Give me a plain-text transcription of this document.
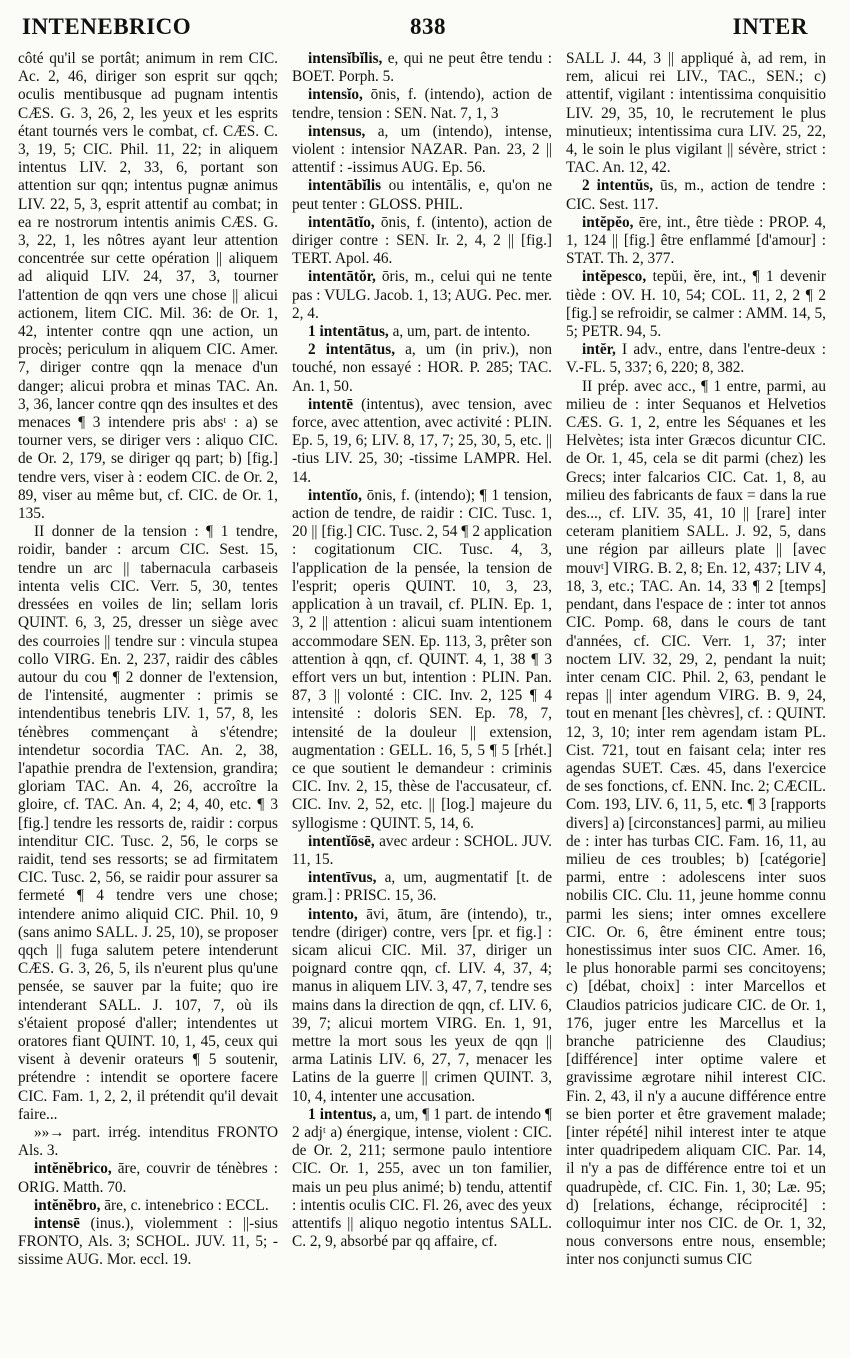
INTENEBRICO	838	INTER

côté qu'il se portât; animum in rem CIC. Ac. 2, 46, diriger son esprit sur qqch; oculis mentibusque ad pugnam intentis CÆS. G. 3, 26, 2, les yeux et les esprits étant tournés vers le combat, cf. CÆS. C. 3, 19, 5; CIC. Phil. 11, 22; in aliquem intentus LIV. 2, 33, 6, portant son attention sur qqn; intentus pugnæ animus LIV. 22, 5, 3, esprit attentif au combat; in ea re nostrorum intentis animis CÆS. G. 3, 22, 1, les nôtres ayant leur attention concentrée sur cette opération || aliquem ad aliquid LIV. 24, 37, 3, tourner l'attention de qqn vers une chose || alicui actionem, litem CIC. Mil. 36: de Or. 1, 42, intenter contre qqn une action, un procès; periculum in aliquem CIC. Amer. 7, diriger contre qqn la menace d'un danger; alicui probra et minas TAC. An. 3, 36, lancer contre qqn des insultes et des menaces ¶ 3 intendere pris absᵗ : a) se tourner vers, se diriger vers : aliquo CIC. de Or. 2, 179, se diriger qq part; b) [fig.] tendre vers, viser à : eodem CIC. de Or. 2, 89, viser au même but, cf. CIC. de Or. 1, 135.

II donner de la tension : ¶ 1 tendre, roidir, bander : arcum CIC. Sest. 15, tendre un arc || tabernacula carbaseis intenta velis CIC. Verr. 5, 30, tentes dressées en voiles de lin; sellam loris QUINT. 6, 3, 25, dresser un siège avec des courroies || tendre sur : vincula stupea collo VIRG. En. 2, 237, raidir des câbles autour du cou ¶ 2 donner de l'extension, de l'intensité, augmenter : primis se intendentibus tenebris LIV. 1, 57, 8, les ténèbres commençant à s'étendre; intendetur socordia TAC. An. 2, 38, l'apathie prendra de l'extension, grandira; gloriam TAC. An. 4, 26, accroître la gloire, cf. TAC. An. 4, 2; 4, 40, etc. ¶ 3 [fig.] tendre les ressorts de, raidir : corpus intenditur CIC. Tusc. 2, 56, le corps se raidit, tend ses ressorts; se ad firmitatem CIC. Tusc. 2, 56, se raidir pour assurer sa fermeté ¶ 4 tendre vers une chose; intendere animo aliquid CIC. Phil. 10, 9 (sans animo SALL. J. 25, 10), se proposer qqch || fuga salutem petere intenderunt CÆS. G. 3, 26, 5, ils n'eurent plus qu'une pensée, se sauver par la fuite; quo ire intenderant SALL. J. 107, 7, où ils s'étaient proposé d'aller; intendentes ut oratores fiant QUINT. 10, 1, 45, ceux qui visent à devenir orateurs ¶ 5 soutenir, prétendre : intendit se oportere facere CIC. Fam. 1, 2, 2, il prétendit qu'il devait faire...

»»→ part. irrég. intenditus FRONTO Als. 3.

intĕnĕbrico, āre, couvrir de ténèbres : ORIG. Matth. 70.

intĕnĕbro, āre, c. intenebrico : ECCL.

intensē (inus.), violemment : ||-sius FRONTO, Als. 3; SCHOL. JUV. 11, 5; -sissime AUG. Mor. eccl. 19.

intensĭbĭlis, e, qui ne peut être tendu : BOET. Porph. 5.

intensĭo, ōnis, f. (intendo), action de tendre, tension : SEN. Nat. 7, 1, 3

intensus, a, um (intendo), intense, violent : intensior NAZAR. Pan. 23, 2 || attentif : -issimus AUG. Ep. 56.

intentābĭlis ou intentālis, e, qu'on ne peut tenter : GLOSS. PHIL.

intentātĭo, ōnis, f. (intento), action de diriger contre : SEN. Ir. 2, 4, 2 || [fig.] TERT. Apol. 46.

intentātŏr, ōris, m., celui qui ne tente pas : VULG. Jacob. 1, 13; AUG. Pec. mer. 2, 4.

1 intentātus, a, um, part. de intento.

2 intentātus, a, um (in priv.), non touché, non essayé : HOR. P. 285; TAC. An. 1, 50.

intentē (intentus), avec tension, avec force, avec attention, avec activité : PLIN. Ep. 5, 19, 6; LIV. 8, 17, 7; 25, 30, 5, etc. || -tius LIV. 25, 30; -tissime LAMPR. Hel. 14.

intentĭo, ōnis, f. (intendo); ¶ 1 tension, action de tendre, de raidir : CIC. Tusc. 1, 20 || [fig.] CIC. Tusc. 2, 54 ¶ 2 application : cogitationum CIC. Tusc. 4, 3, l'application de la pensée, la tension de l'esprit; operis QUINT. 10, 3, 23, application à un travail, cf. PLIN. Ep. 1, 3, 2 || attention : alicui suam intentionem accommodare SEN. Ep. 113, 3, prêter son attention à qqn, cf. QUINT. 4, 1, 38 ¶ 3 effort vers un but, intention : PLIN. Pan. 87, 3 || volonté : CIC. Inv. 2, 125 ¶ 4 intensité : doloris SEN. Ep. 78, 7, intensité de la douleur || extension, augmentation : GELL. 16, 5, 5 ¶ 5 [rhét.] ce que soutient le demandeur : criminis CIC. Inv. 2, 15, thèse de l'accusateur, cf. CIC. Inv. 2, 52, etc. || [log.] majeure du syllogisme : QUINT. 5, 14, 6.

intentĭōsē, avec ardeur : SCHOL. JUV. 11, 15.

intentīvus, a, um, augmentatif [t. de gram.] : PRISC. 15, 36.

intento, āvi, ātum, āre (intendo), tr., tendre (diriger) contre, vers [pr. et fig.] : sicam alicui CIC. Mil. 37, diriger un poignard contre qqn, cf. LIV. 4, 37, 4; manus in aliquem LIV. 3, 47, 7, tendre ses mains dans la direction de qqn, cf. LIV. 6, 39, 7; alicui mortem VIRG. En. 1, 91, mettre la mort sous les yeux de qqn || arma Latinis LIV. 6, 27, 7, menacer les Latins de la guerre || crimen QUINT. 3, 10, 4, intenter une accusation.

1 intentus, a, um, ¶ 1 part. de intendo ¶ 2 adjᵗ a) énergique, intense, violent : CIC. de Or. 2, 211; sermone paulo intentiore CIC. Or. 1, 255, avec un ton familier, mais un peu plus animé; b) tendu, attentif : intentis oculis CIC. Fl. 26, avec des yeux attentifs || aliquo negotio intentus SALL. C. 2, 9, absorbé par qq affaire, cf.

SALL J. 44, 3 || appliqué à, ad rem, in rem, alicui rei LIV., TAC., SEN.; c) attentif, vigilant : intentissima conquisitio LIV. 29, 35, 10, le recrutement le plus minutieux; intentissima cura LIV. 25, 22, 4, le soin le plus vigilant || sévère, strict : TAC. An. 12, 42.

2 intentŭs, ūs, m., action de tendre : CIC. Sest. 117.

intĕpĕo, ēre, int., être tiède : PROP. 4, 1, 124 || [fig.] être enflammé [d'amour] : STAT. Th. 2, 377.

intĕpesco, tepŭi, ĕre, int., ¶ 1 devenir tiède : OV. H. 10, 54; COL. 11, 2, 2 ¶ 2 [fig.] se refroidir, se calmer : AMM. 14, 5, 5; PETR. 94, 5.

intĕr, I adv., entre, dans l'entre-deux : V.-FL. 5, 337; 6, 220; 8, 382.

II prép. avec acc., ¶ 1 entre, parmi, au milieu de : inter Sequanos et Helvetios CÆS. G. 1, 2, entre les Séquanes et les Helvètes; ista inter Græcos dicuntur CIC. de Or. 1, 45, cela se dit parmi (chez) les Grecs; inter falcarios CIC. Cat. 1, 8, au milieu des fabricants de faux = dans la rue des..., cf. LIV. 35, 41, 10 || [rare] inter ceteram planitiem SALL. J. 92, 5, dans une région par ailleurs plate || [avec mouvᵗ] VIRG. B. 2, 8; En. 12, 437; LIV 4, 18, 3, etc.; TAC. An. 14, 33 ¶ 2 [temps] pendant, dans l'espace de : inter tot annos CIC. Pomp. 68, dans le cours de tant d'années, cf. CIC. Verr. 1, 37; inter noctem LIV. 32, 29, 2, pendant la nuit; inter cenam CIC. Phil. 2, 63, pendant le repas || inter agendum VIRG. B. 9, 24, tout en menant [les chèvres], cf. : QUINT. 12, 3, 10; inter rem agendam istam PL. Cist. 721, tout en faisant cela; inter res agendas SUET. Cæs. 45, dans l'exercice de ses fonctions, cf. ENN. Inc. 2; CÆCIL. Com. 193, LIV. 6, 11, 5, etc. ¶ 3 [rapports divers] a) [circonstances] parmi, au milieu de : inter has turbas CIC. Fam. 16, 11, au milieu de ces troubles; b) [catégorie] parmi, entre : adolescens inter suos nobilis CIC. Clu. 11, jeune homme connu parmi les siens; inter omnes excellere CIC. Or. 6, être éminent entre tous; honestissimus inter suos CIC. Amer. 16, le plus honorable parmi ses concitoyens; c) [débat, choix] : inter Marcellos et Claudios patricios judicare CIC. de Or. 1, 176, juger entre les Marcellus et la branche patricienne des Claudius; [différence] inter optime valere et gravissime ægrotare nihil interest CIC. Fin. 2, 43, il n'y a aucune différence entre se bien porter et être gravement malade; [inter répété] nihil interest inter te atque inter quadripedem aliquam CIC. Par. 14, il n'y a pas de différence entre toi et un quadrupède, cf. CIC. Fin. 1, 30; Læ. 95; d) [relations, échange, réciprocité] : colloquimur inter nos CIC. de Or. 1, 32, nous conversons entre nous, ensemble; inter nos conjuncti sumus CIC
